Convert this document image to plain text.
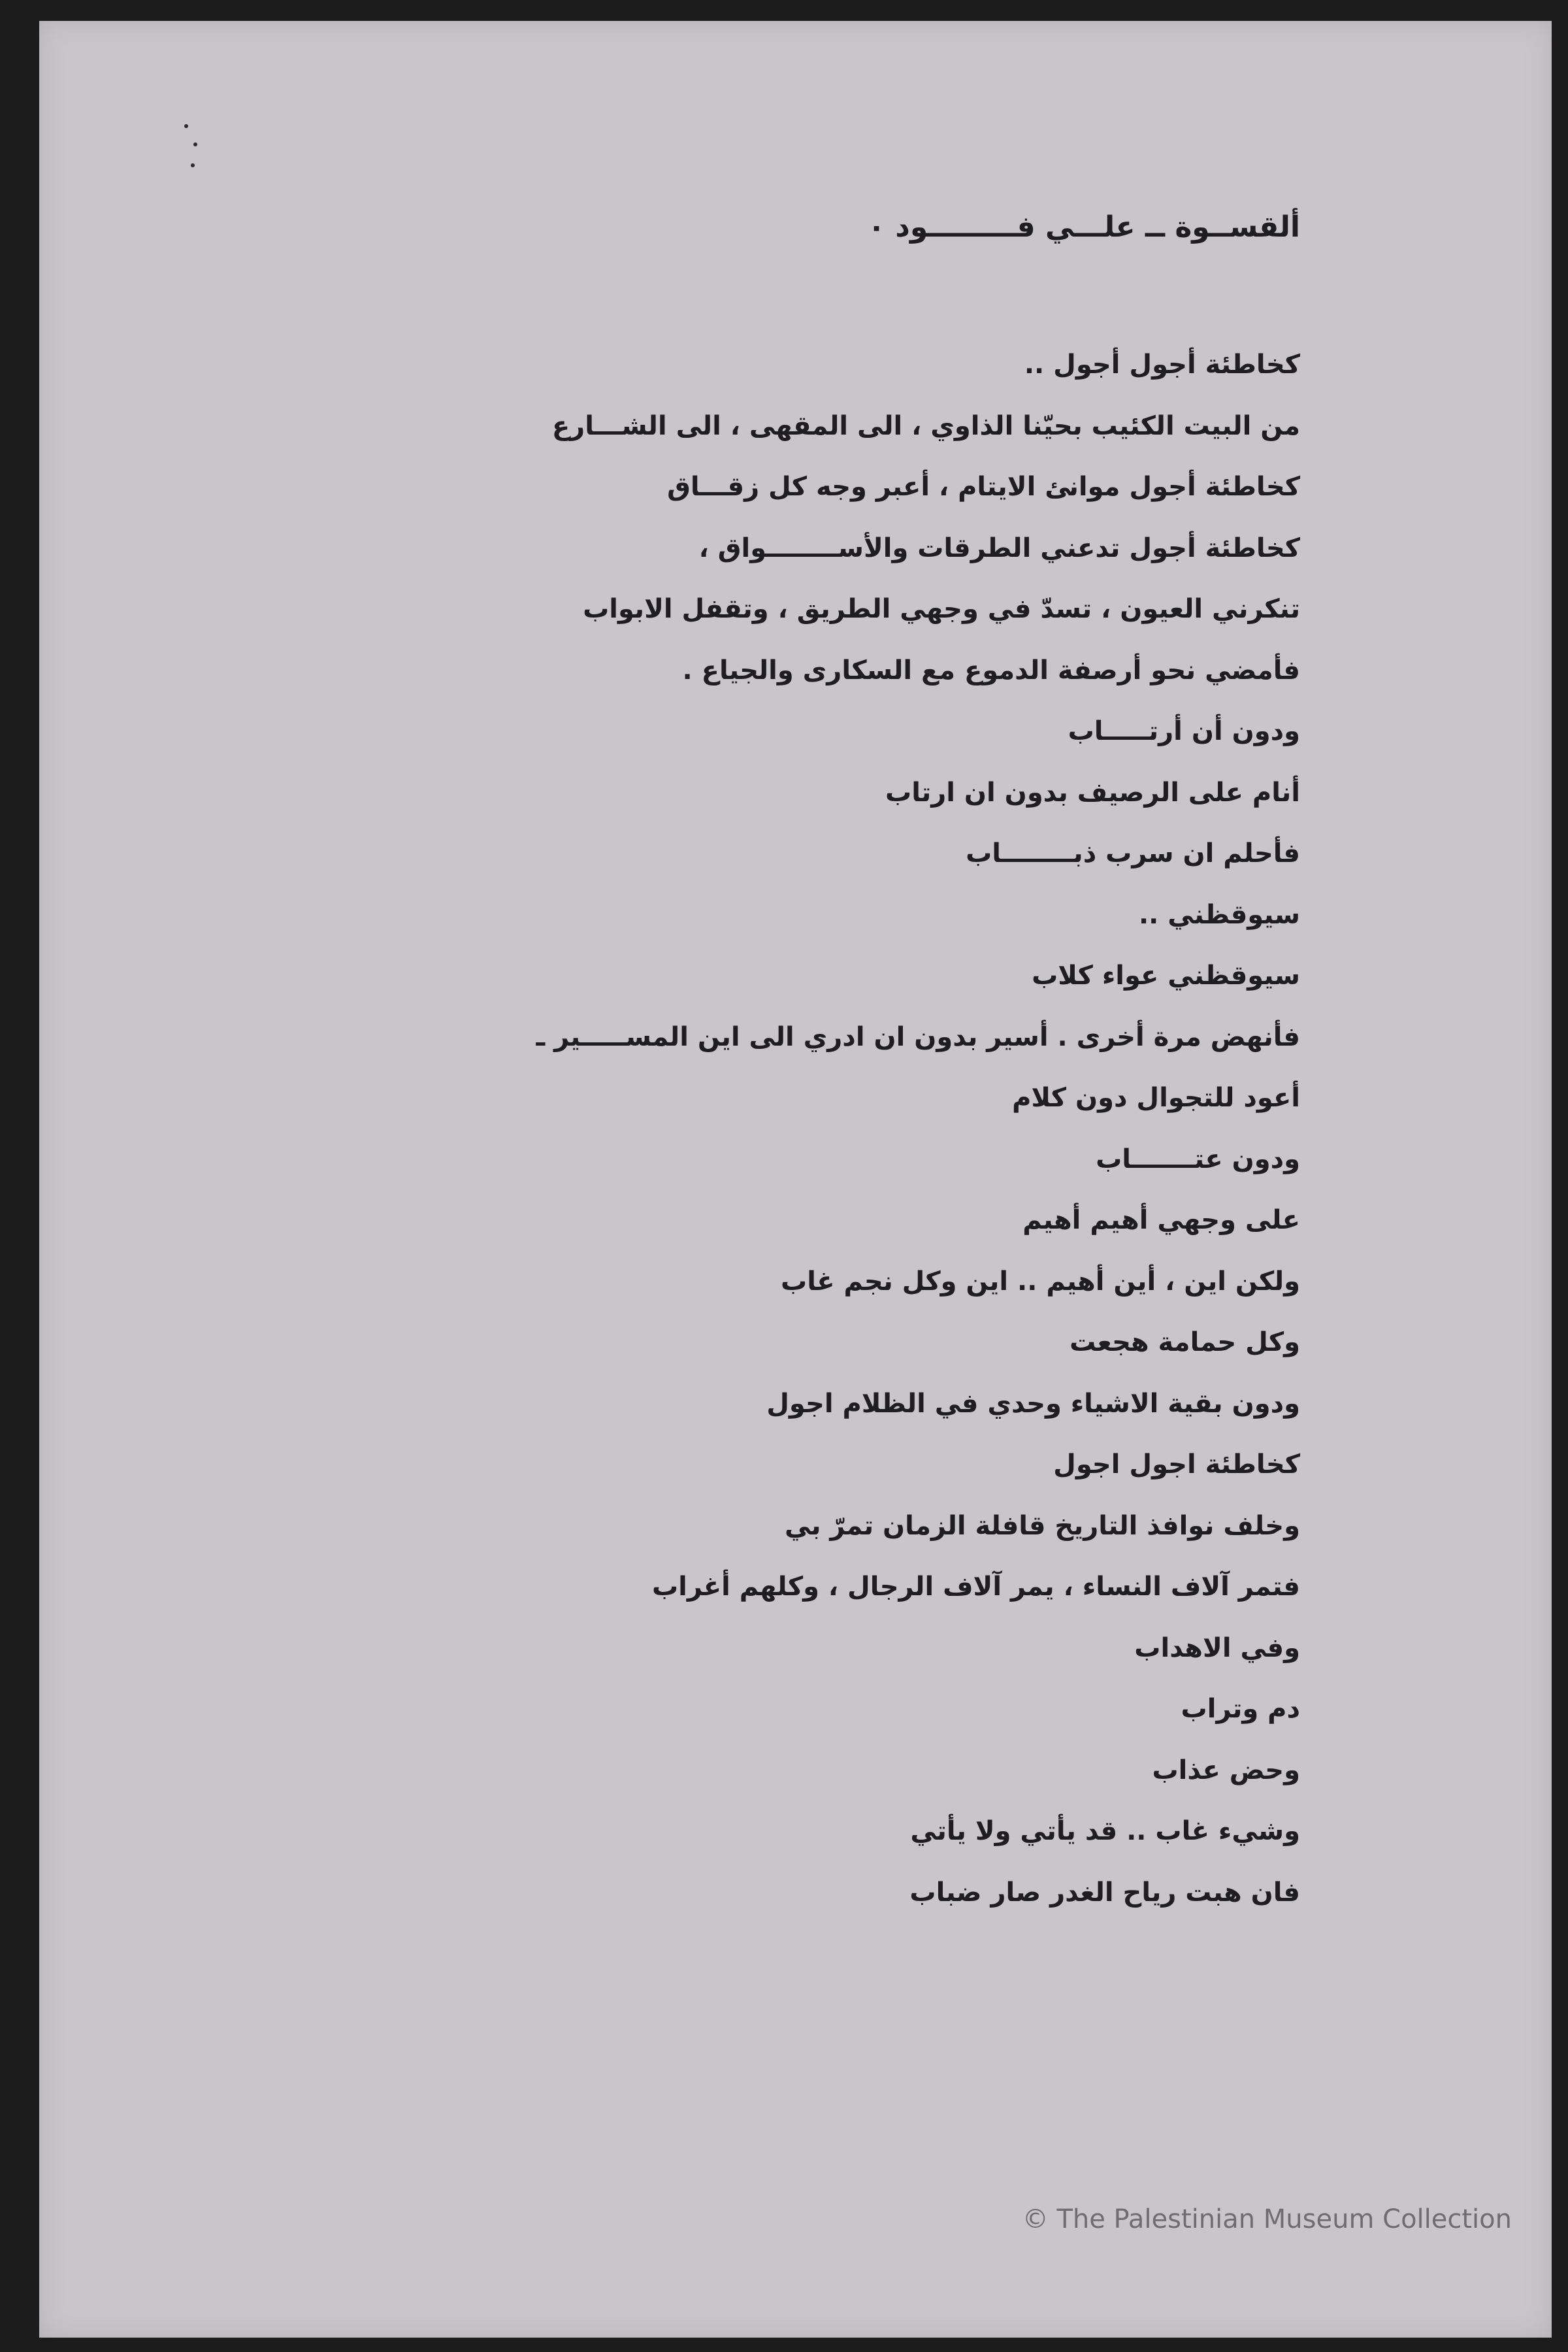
ألقســوة ــ علـــي فـــــــــود ٠
كخاطئة أجول أجول ..
من البيت الكئيب بحيّنا الذاوي ، الى المقهى ، الى الشـــارع
كخاطئة أجول موانئ الايتام ، أعبر وجه كل زقـــاق
كخاطئة أجول تدعني الطرقات والأســــــــواق ،
تنكرني العيون ، تسدّ في وجهي الطريق ، وتقفل الابواب
فأمضي نحو أرصفة الدموع مع السكارى والجياع .
ودون أن أرتـــــاب
أنام على الرصيف بدون ان ارتاب
فأحلم ان سرب ذبــــــــاب
سيوقظني ..
سيوقظني عواء كلاب
فأنهض مرة أخرى . أسير بدون ان ادري الى اين المســـــير ـ
أعود للتجوال دون كلام
ودون عتـــــــاب
على وجهي أهيم أهيم
ولكن اين ، أين أهيم .. اين وكل نجم غاب
وكل حمامة هجعت
ودون بقية الاشياء وحدي في الظلام اجول
كخاطئة اجول اجول
وخلف نوافذ التاريخ قافلة الزمان تمرّ بي
فتمر آلاف النساء ، يمر آلاف الرجال ، وكلهم أغراب
وفي الاهداب
دم وتراب
وحض عذاب
وشيء غاب .. قد يأتي ولا يأتي
فان هبت رياح الغدر صار ضباب
© The Palestinian Museum Collection
